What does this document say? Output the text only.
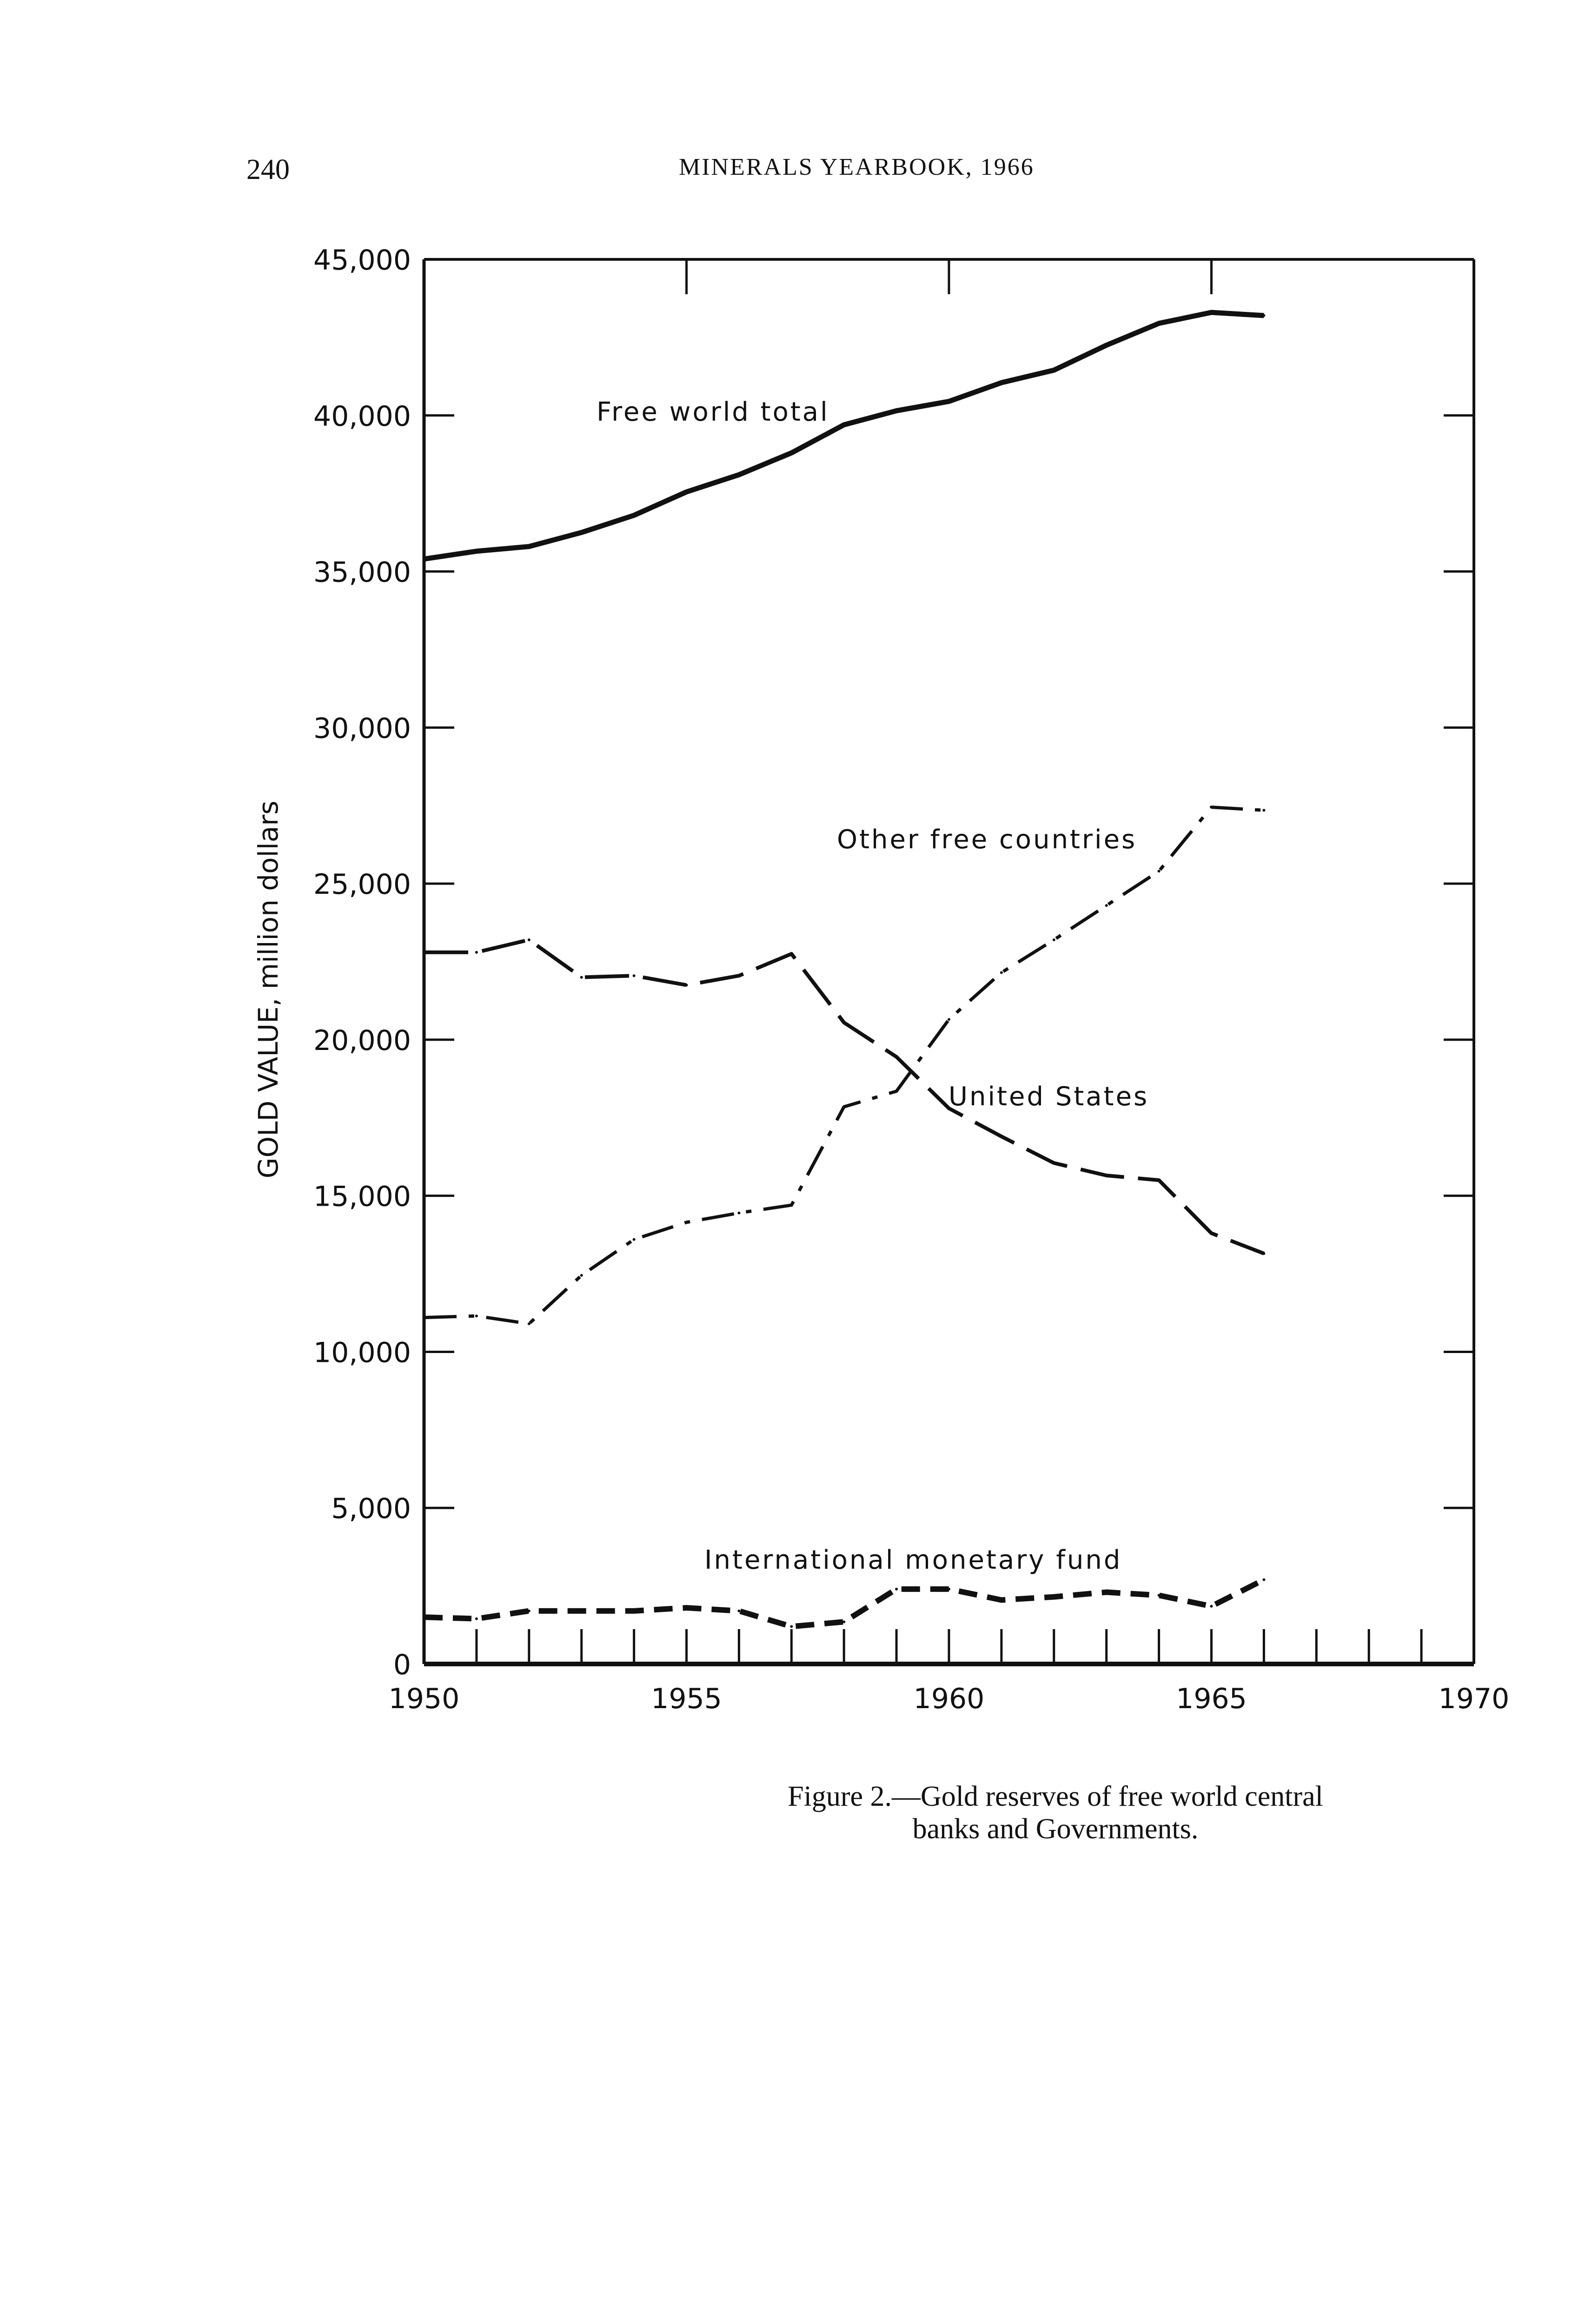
240	MINERALS YEARBOOK, 1966
0
5,000
10,000
15,000
20,000
25,000
30,000
35,000
40,000
45,000
1950	1955	1960	1965	1970
GOLD VALUE, million dollars
Free world total
Other free countries
United States
International monetary fund
Figure 2.—Gold reserves of free world central
banks and Governments.
